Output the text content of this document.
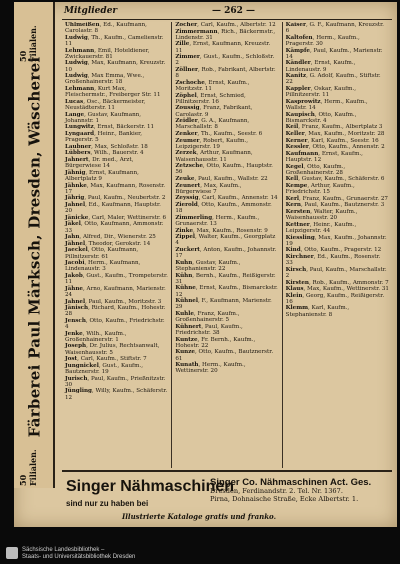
50 Filialen.
Färberei Paul Märksch, Dresden, Wäscherei
50 Filialen.
Mitglieder	— 262 —
Uhlmeißen, Ed., Kaufmann, Carolastr. 8
Ludwig, Th., Kaufm., Camelienstr. 11
Lehmann, Emil, Hoteldiener, Zwickauerstr. 81
Ludwig, Max, Kaufmann, Kreuzstr. 10
Ludwig, Max Emma, Wwe., Großenhainerstr. 18
Lehmann, Kurt Max, Fleischermstr., Freiberger Str. 11
Lucas, Osc., Bäckermeister, Neustädterstr. 11
Lange, Gustav, Kaufmann, Johannstr. 1
Lungwitz, Ernst, Bäckerstr. 11
Lyngaard, Heinr., Bankier, Pragerstr. 5
Laubner, Max, Schloßstr. 18
Lübbers, Wilh., Bauerstr. 4
Jahnert, Dr. med., Arzt, Bürgerwiese 14
Jähnig, Ernst, Kaufmann, Albertplatz 9
Jähnke, Max, Kaufmann, Rosenstr. 17
Jährig, Paul, Kaufm., Neubertstr. 2
Jahnel, Ed., Kaufmann, Hauptstr. 20
Jänicke, Carl, Maler, Wettinerstr. 6
Jäkel, Otto, Kaufmann, Ammonstr. 33
Jahn, Alfred, Dir., Wienerstr. 25
Jähnel, Theodor, Gerokstr. 14
Jaeckel, Otto, Kaufmann, Pillnitzerstr. 61
Jacobi, Herm., Kaufmann, Lindenaustr. 3
Jakob, Gust., Kaufm., Trompeterstr. 11
Jähne, Arno, Kaufmann, Marienstr. 24
Jahnel, Paul, Kaufm., Moritzstr. 3
Jänisch, Richard, Kaufm., Hohestr. 28
Jensch, Otto, Kaufm., Friedrichstr. 4
Jenke, Wilh., Kaufm., Großenhainerstr. 1
Joseph, Dr. Julius, Rechtsanwalt, Waisenhausstr. 5
Jost, Carl, Kaufm., Stiftstr. 7
Jungnickel, Gust., Kaufm., Bautznerstr. 19
Jurisch, Paul, Kaufm., Prießnitzstr. 30
Jüngling, Willy, Kaufm., Schäferstr. 12
Zocher, Carl, Kaufm., Albertstr. 12
Zimmermann, Rich., Bäckermstr., Lindenstr. 31
Zille, Ernst, Kaufmann, Kreuzstr. 11
Zimmer, Gust., Kaufm., Schloßstr. 2
Zöllner, Rob., Fabrikant, Albertstr. 8
Zschoche, Ernst, Kaufm., Moritzstr. 11
Zöphel, Ernst, Schmied, Pillnitzerstr. 16
Zoussig, Franz, Fabrikant, Carolastr. 9
Zeidler, G. A., Kaufmann, Marschallstr. 8
Zenker, Th., Kaufm., Seestr. 6
Zeumer, Robert, Kaufm., Leipzigerstr. 19
Zerzek, Arthur, Kaufmann, Waisenhausstr. 11
Zetzsche, Otto, Kaufm., Hauptstr. 56
Zeuke, Paul, Kaufm., Wallstr. 22
Zeunert, Max, Kaufm., Bürgerwiese 7
Zeyssig, Carl, Kaufm., Annenstr. 14
Zierold, Otto, Kaufm., Ammonstr. 18
Zimmerling, Herm., Kaufm., Grunaerstr. 13
Zinke, Max, Kaufm., Rosenstr. 9
Zippel, Walter, Kaufm., Georgplatz 4
Zuckert, Anton, Kaufm., Johannstr. 17
Kuhn, Gustav, Kaufm., Stephanienstr. 22
Kühn, Bernh., Kaufm., Reißigerstr. 31
Kühne, Ernst, Kaufm., Bismarckstr. 12
Kühnel, F., Kaufmann, Marienstr. 29
Kuhle, Franz, Kaufm., Großenhainerstr. 5
Kühnert, Paul, Kaufm., Friedrichstr. 38
Kuntze, Fr. Bernh., Kaufm., Hohestr. 22
Kunze, Otto, Kaufm., Bautznerstr. 61
Kunath, Herm., Kaufm., Wettinerstr. 20
Kaiser, G. F., Kaufmann, Kreuzstr. 6
Kaltofen, Herm., Kaufm., Pragerstr. 30
Kämpfe, Paul, Kaufm., Marienstr. 14
Kändler, Ernst, Kaufm., Lindenaustr. 9
Kanitz, G. Adolf, Kaufm., Stiftstr. 22
Kappler, Oskar, Kaufm., Pillnitzerstr. 11
Kasprowitz, Herm., Kaufm., Wallstr. 14
Kaupisch, Otto, Kaufm., Bismarckstr. 4
Keil, Franz, Kaufm., Albertplatz 3
Keller, Max, Kaufm., Moritzstr. 28
Kerner, Karl, Kaufm., Seestr. 16
Kessler, Otto, Kaufm., Annenstr. 2
Kaufmann, Ernst, Kaufm., Hauptstr. 12
Kegel, Otto, Kaufm., Großenhainerstr. 28
Kell, Gustav, Kaufm., Schäferstr. 6
Kempe, Arthur, Kaufm., Friedrichstr. 15
Kerl, Franz, Kaufm., Grunaerstr. 27
Kern, Paul, Kaufm., Bautznerstr. 3
Kersten, Walter, Kaufm., Waisenhausstr. 20
Kettner, Heinr., Kaufm., Leipzigerstr. 44
Kiessling, Max, Kaufm., Johannstr. 19
Kind, Otto, Kaufm., Pragerstr. 12
Kirchner, Ed., Kaufm., Rosenstr. 33
Kirsch, Paul, Kaufm., Marschallstr. 2
Kirsten, Rob., Kaufm., Ammonstr. 7
Klaus, Max, Kaufm., Wettinerstr. 31
Klein, Georg, Kaufm., Reißigerstr. 16
Klemm, Karl, Kaufm., Stephanienstr. 8
Singer Nähmaschinen
sind nur zu haben bei
Singer Co. Nähmaschinen Act. Ges.
Dresden, Ferdinandstr. 2. Tel. Nr. 1367.
Pirna, Dohnaische Straße, Ecke Albertstr. 1.
Illustrierte Kataloge gratis und franko.
Sächsische Landesbibliothek –
Staats- und Universitätsbibliothek Dresden
